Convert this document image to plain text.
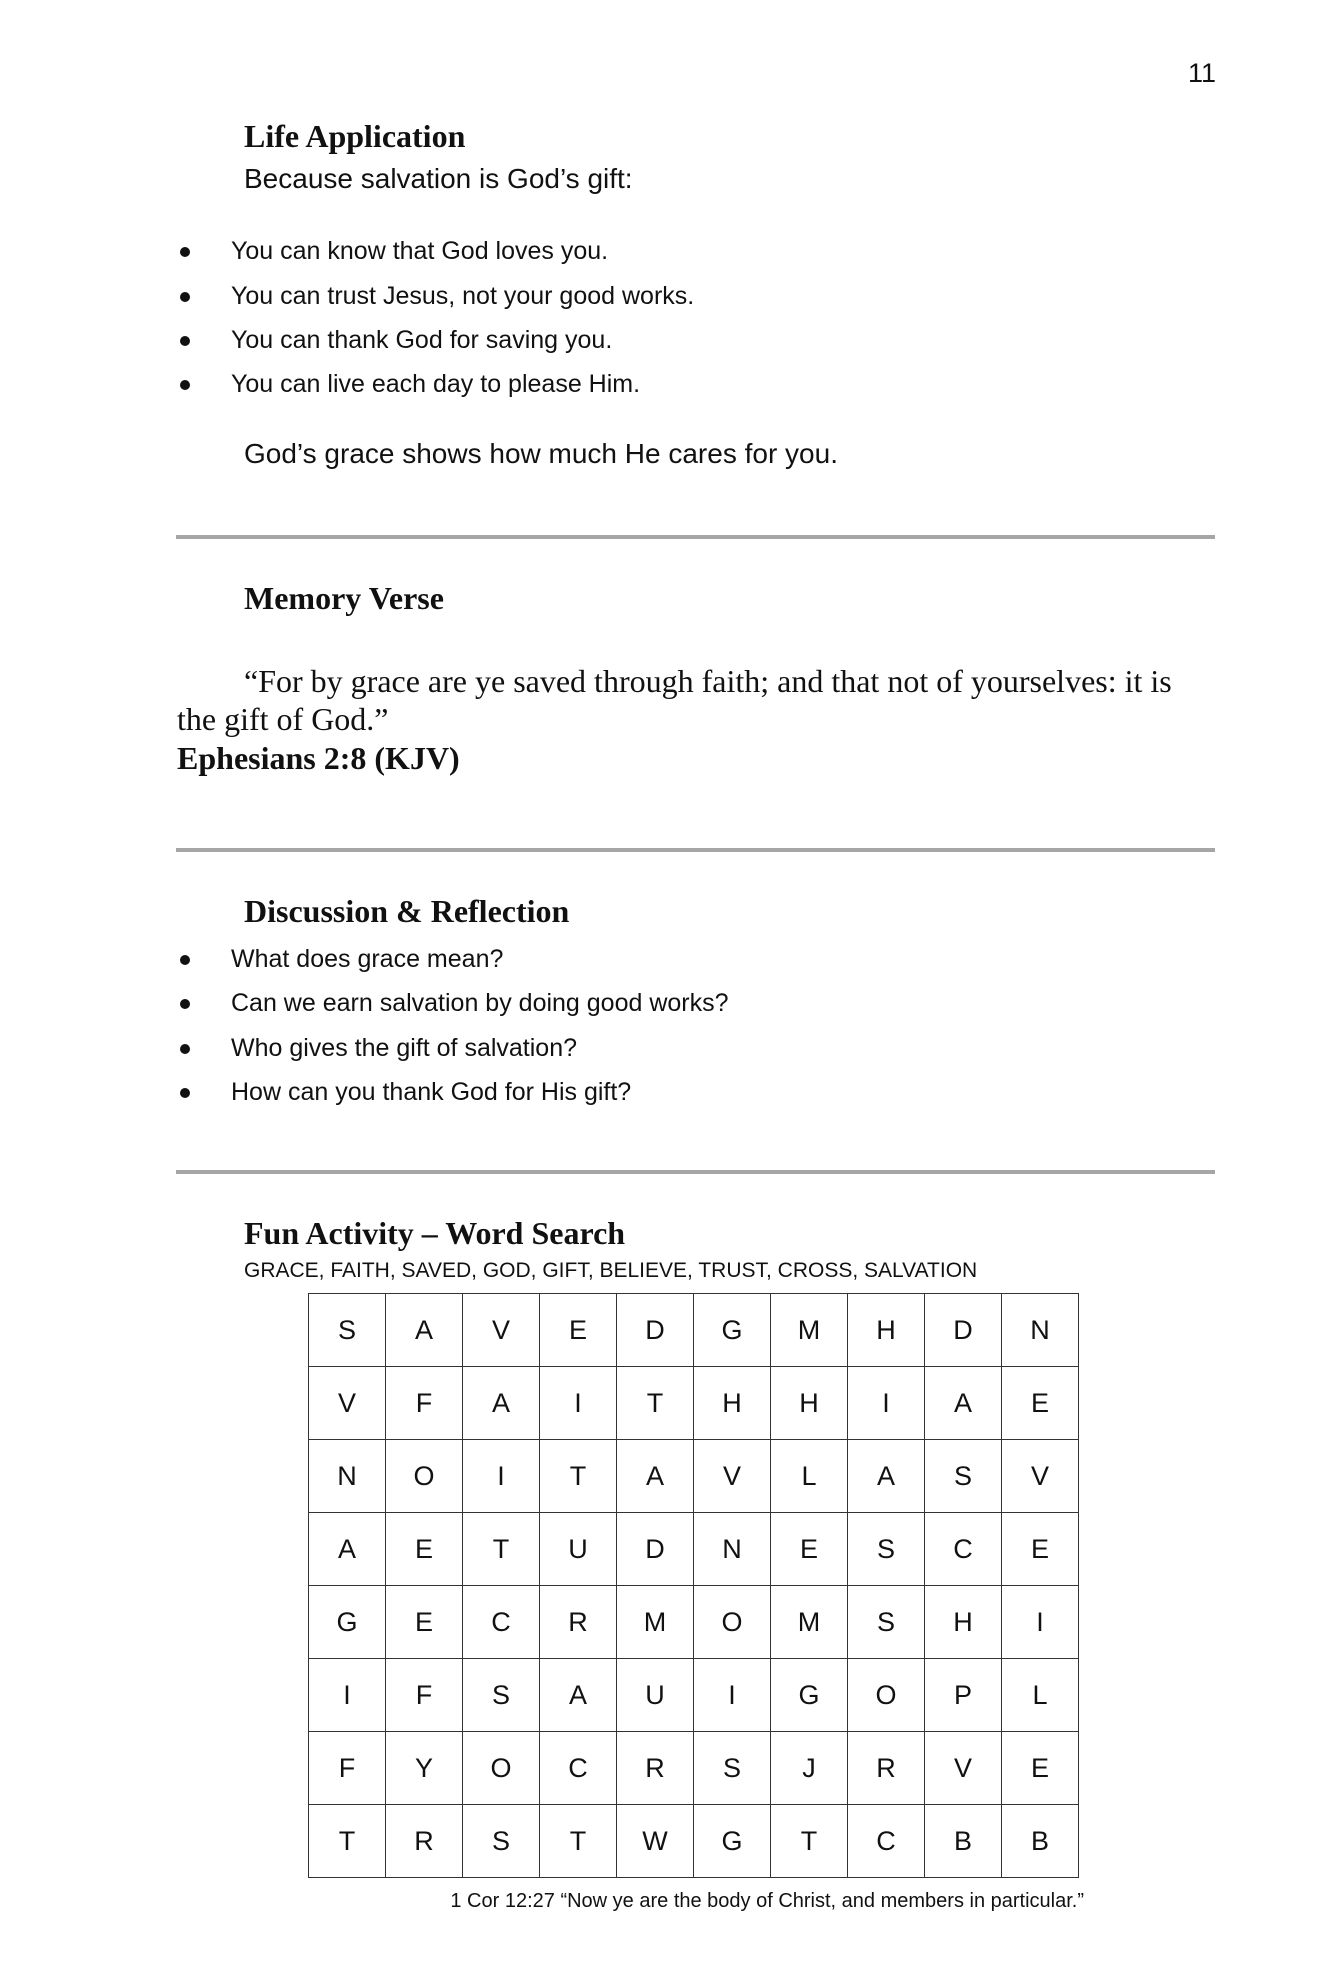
11
Life Application
Because salvation is God’s gift:
You can know that God loves you.
You can trust Jesus, not your good works.
You can thank God for saving you.
You can live each day to please Him.
God’s grace shows how much He cares for you.
Memory Verse
“For by grace are ye saved through faith; and that not of yourselves: it is the gift of God.”
Ephesians 2:8 (KJV)
Discussion & Reflection
What does grace mean?
Can we earn salvation by doing good works?
Who gives the gift of salvation?
How can you thank God for His gift?
Fun Activity – Word Search
GRACE, FAITH, SAVED, GOD, GIFT, BELIEVE, TRUST, CROSS, SALVATION
S	A	V	E	D	G	M	H	D	N
V	F	A	I	T	H	H	I	A	E
N	O	I	T	A	V	L	A	S	V
A	E	T	U	D	N	E	S	C	E
G	E	C	R	M	O	M	S	H	I
I	F	S	A	U	I	G	O	P	L
F	Y	O	C	R	S	J	R	V	E
T	R	S	T	W	G	T	C	B	B
1 Cor 12:27 “Now ye are the body of Christ, and members in particular.”
